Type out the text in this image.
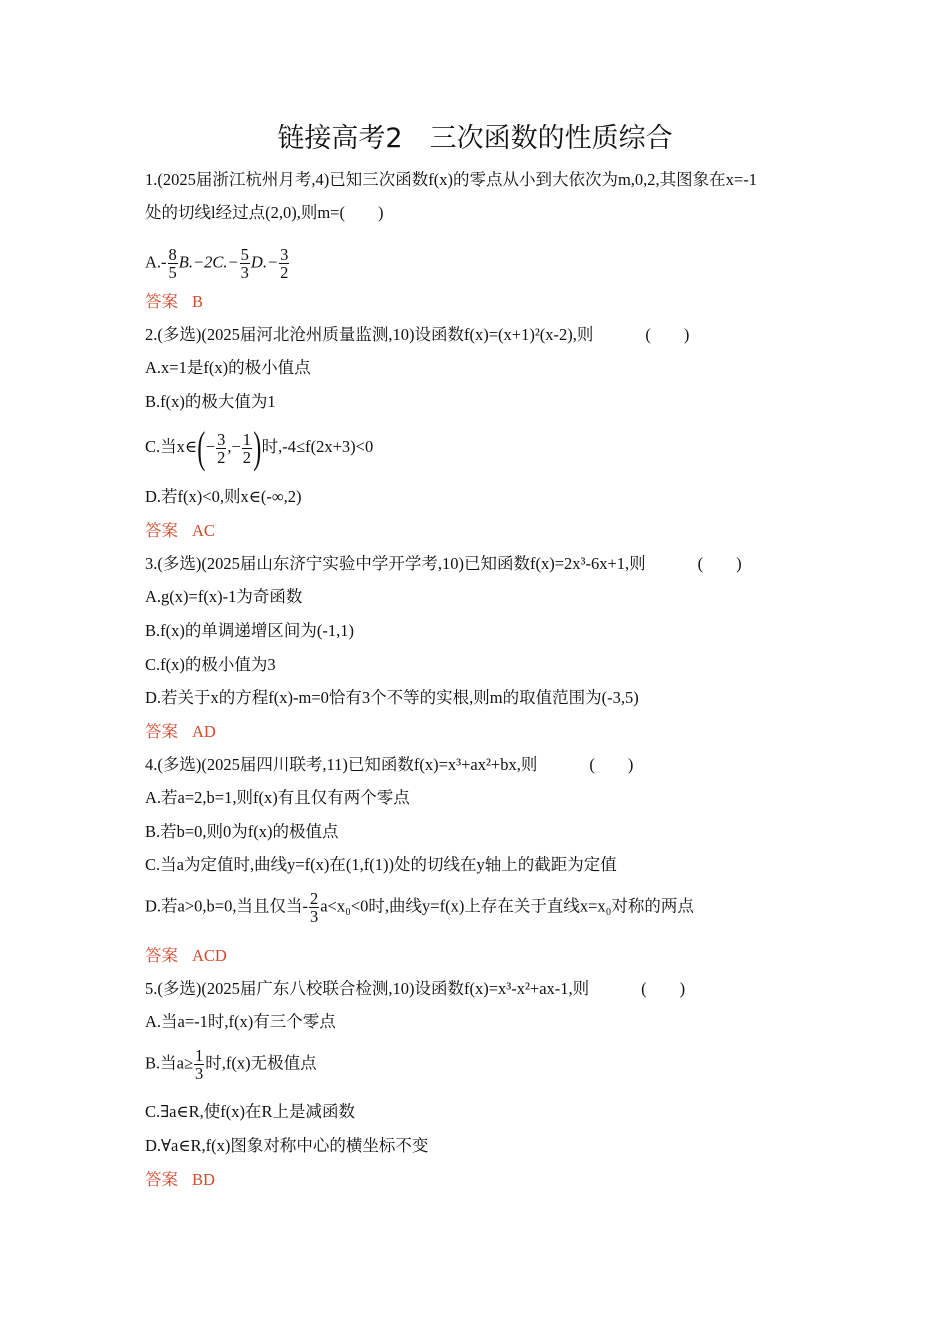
链接高考2　三次函数的性质综合
1.(2025届浙江杭州月考,4)已知三次函数f(x)的零点从小到大依次为m,0,2,其图象在x=-1
处的切线l经过点(2,0),则m=(　　)
$A.- \frac{8}{5} B.-2C.- \frac{5}{3} D.- \frac{3}{2}$
答案 B
2.(多选)(2025届河北沧州质量监测,10)设函数f(x)=(x+1)²(x-2),则	(　　)
A.x=1是f(x)的极小值点
B.f(x)的极大值为1
C.当x∈(− $\frac{3}{2}$ ,− $\frac{1}{2}$ )时,-4≤f(2x+3)<0
D.若f(x)<0,则x∈(-∞,2)
答案 AC
3.(多选)(2025届山东济宁实验中学开学考,10)已知函数f(x)=2x³-6x+1,则	(　　)
A.g(x)=f(x)-1为奇函数
B.f(x)的单调递增区间为(-1,1)
C.f(x)的极小值为3
D.若关于x的方程f(x)-m=0恰有3个不等的实根,则m的取值范围为(-3,5)
答案 AD
4.(多选)(2025届四川联考,11)已知函数f(x)=x³+ax²+bx,则	(　　)
A.若a=2,b=1,则f(x)有且仅有两个零点
B.若b=0,则0为f(x)的极值点
C.当a为定值时,曲线y=f(x)在(1,f(1))处的切线在y轴上的截距为定值
D.若a>0,b=0,当且仅当- $\frac{2}{3} a<x_0<0$时,曲线y=f(x)上存在关于直线x=x₀对称的两点
答案 ACD
5.(多选)(2025届广东八校联合检测,10)设函数f(x)=x³-x²+ax-1,则	(　　)
A.当a=-1时,f(x)有三个零点
B.当$a\ge \frac{1}{3}$ 时,f(x)无极值点
C.∃a∈R,使f(x)在R上是减函数
D.∀a∈R,f(x)图象对称中心的横坐标不变
答案 BD
